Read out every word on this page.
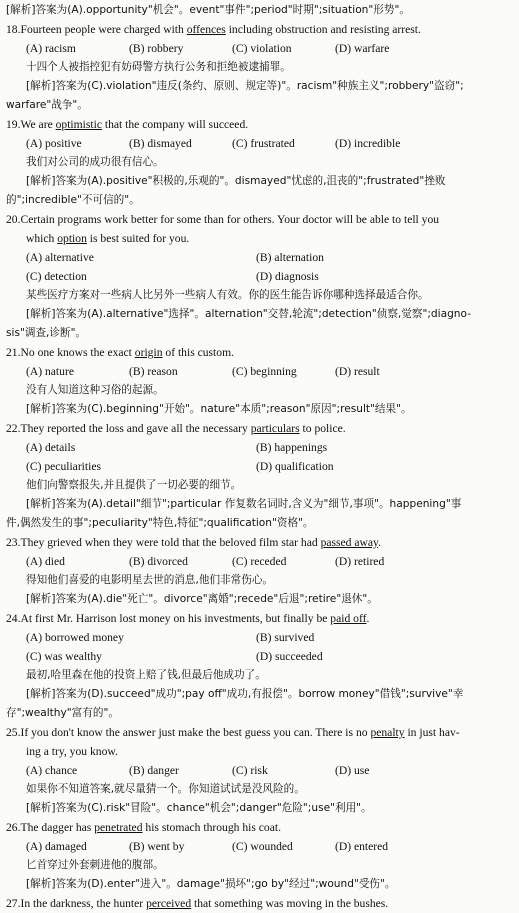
[解析]答案为(A).opportunity"机会"。event"事件";period"时期";situation"形势"。
18.Fourteen people were charged with offences including obstruction and resisting arrest.
(A) racism	(B) robbery	(C) violation	(D) warfare
十四个人被指控犯有妨碍警方执行公务和拒绝被逮捕罪。
[解析]答案为(C).violation"违反(条约、原则、规定等)"。racism"种族主义";robbery"盗窃";
warfare"战争"。
19.We are optimistic that the company will succeed.
(A) positive	(B) dismayed	(C) frustrated	(D) incredible
我们对公司的成功很有信心。
[解析]答案为(A).positive"积极的,乐观的"。dismayed"忧虑的,沮丧的";frustrated"挫败
的";incredible"不可信的"。
20.Certain programs work better for some than for others. Your doctor will be able to tell you
which option is best suited for you.
(A) alternative	(B) alternation
(C) detection	(D) diagnosis
某些医疗方案对一些病人比另外一些病人有效。你的医生能告诉你哪种选择最适合你。
[解析]答案为(A).alternative"选择"。alternation"交替,轮流";detection"侦察,觉察";diagno-
sis"调查,诊断"。
21.No one knows the exact origin of this custom.
(A) nature	(B) reason	(C) beginning	(D) result
没有人知道这种习俗的起源。
[解析]答案为(C).beginning"开始"。nature"本质";reason"原因";result"结果"。
22.They reported the loss and gave all the necessary particulars to police.
(A) details	(B) happenings
(C) peculiarities	(D) qualification
他们向警察报失,并且提供了一切必要的细节。
[解析]答案为(A).detail"细节";particular 作复数名词时,含义为"细节,事项"。happening"事
件,偶然发生的事";peculiarity"特色,特征";qualification"资格"。
23.They grieved when they were told that the beloved film star had passed away.
(A) died	(B) divorced	(C) receded	(D) retired
得知他们喜爱的电影明星去世的消息,他们非常伤心。
[解析]答案为(A).die"死亡"。divorce"离婚";recede"后退";retire"退休"。
24.At first Mr. Harrison lost money on his investments, but finally be paid off.
(A) borrowed money	(B) survived
(C) was wealthy	(D) succeeded
最初,哈里森在他的投资上赔了钱,但最后他成功了。
[解析]答案为(D).succeed"成功";pay off"成功,有报偿"。borrow money"借钱";survive"幸
存";wealthy"富有的"。
25.If you don't know the answer just make the best guess you can. There is no penalty in just hav-
ing a try, you know.
(A) chance	(B) danger	(C) risk	(D) use
如果你不知道答案,就尽量猜一个。你知道试试是没风险的。
[解析]答案为(C).risk"冒险"。chance"机会";danger"危险";use"利用"。
26.The dagger has penetrated his stomach through his coat.
(A) damaged	(B) went by	(C) wounded	(D) entered
匕首穿过外套刺进他的腹部。
[解析]答案为(D).enter"进入"。damage"损坏";go by"经过";wound"受伤"。
27.In the darkness, the hunter perceived that something was moving in the bushes.
